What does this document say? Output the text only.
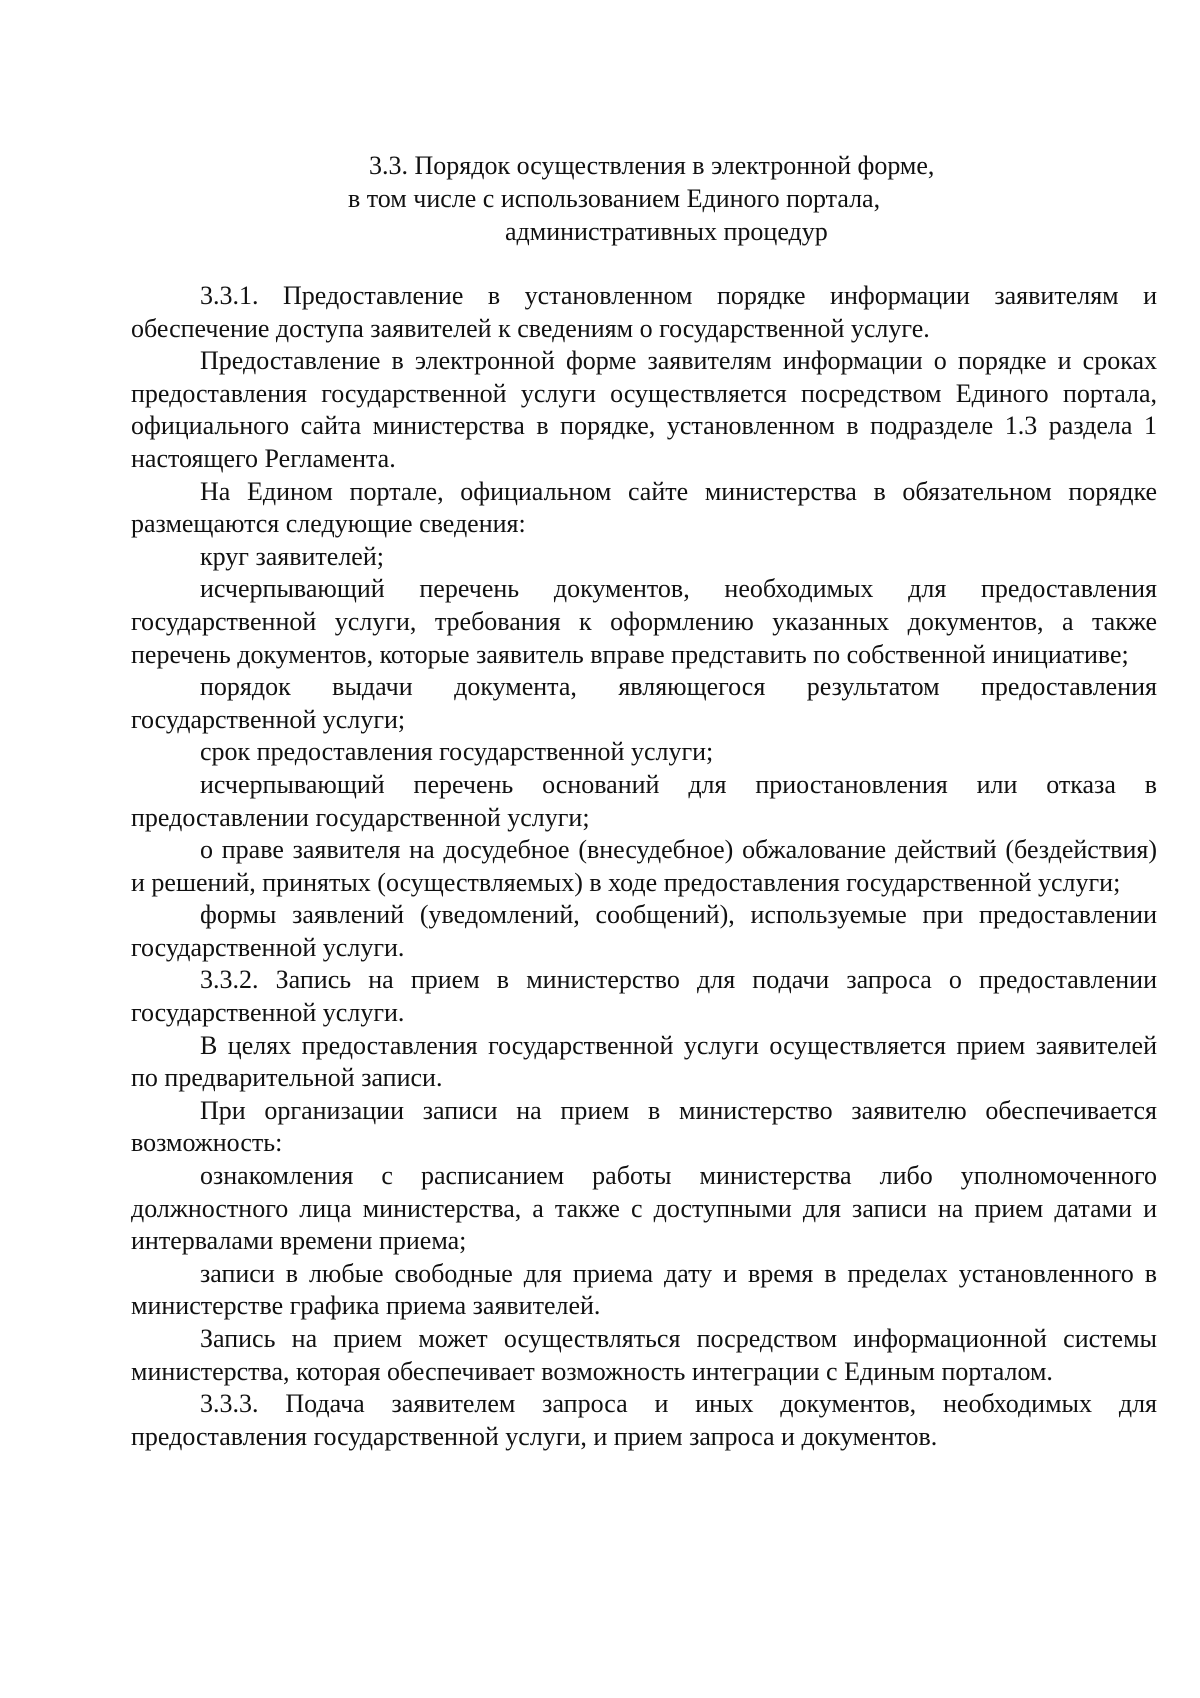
3.3. Порядок осуществления в электронной форме,
в том числе с использованием Единого портала,
административных процедур

3.3.1. Предоставление в установленном порядке информации заявителям и обеспечение доступа заявителей к сведениям о государственной услуге.

Предоставление в электронной форме заявителям информации о порядке и сроках предоставления государственной услуги осуществляется посредством Единого портала, официального сайта министерства в порядке, установленном в подразделе 1.3 раздела 1 настоящего Регламента.

На Едином портале, официальном сайте министерства в обязательном порядке размещаются следующие сведения:

круг заявителей;

исчерпывающий перечень документов, необходимых для предоставления государственной услуги, требования к оформлению указанных документов, а также перечень документов, которые заявитель вправе представить по собственной инициативе;

порядок выдачи документа, являющегося результатом предоставления государственной услуги;

срок предоставления государственной услуги;

исчерпывающий перечень оснований для приостановления или отказа в предоставлении государственной услуги;

о праве заявителя на досудебное (внесудебное) обжалование действий (бездействия) и решений, принятых (осуществляемых) в ходе предоставления государственной услуги;

формы заявлений (уведомлений, сообщений), используемые при предоставлении государственной услуги.

3.3.2. Запись на прием в министерство для подачи запроса о предоставлении государственной услуги.

В целях предоставления государственной услуги осуществляется прием заявителей по предварительной записи.

При организации записи на прием в министерство заявителю обеспечивается возможность:

ознакомления с расписанием работы министерства либо уполномоченного должностного лица министерства, а также с доступными для записи на прием датами и интервалами времени приема;

записи в любые свободные для приема дату и время в пределах установленного в министерстве графика приема заявителей.

Запись на прием может осуществляться посредством информационной системы министерства, которая обеспечивает возможность интеграции с Единым порталом.

3.3.3. Подача заявителем запроса и иных документов, необходимых для предоставления государственной услуги, и прием запроса и документов.
